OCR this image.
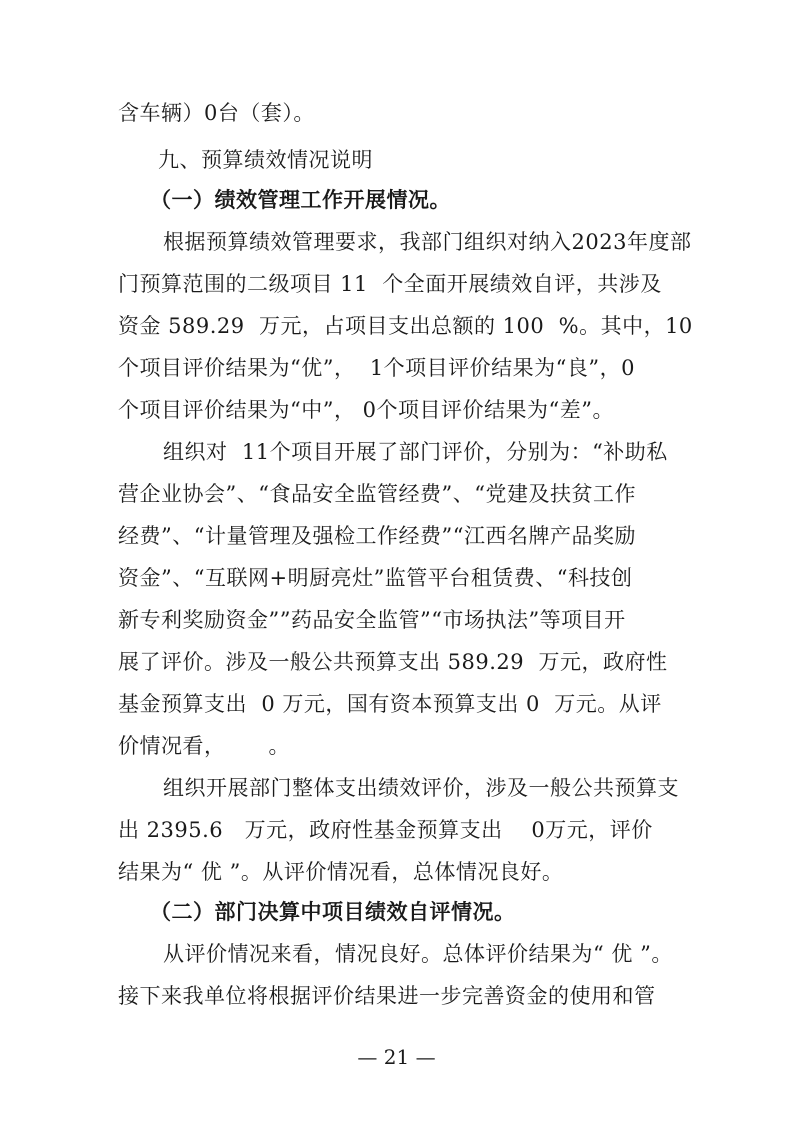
含车辆）0台（套）。

九、预算绩效情况说明

（一）绩效管理工作开展情况。

根据预算绩效管理要求，我部门组织对纳入2023年度部

门预算范围的二级项目 11  个全面开展绩效自评，共涉及

资金 589.29  万元，占项目支出总额的 100  %。其中，10

个项目评价结果为“优”，  1个项目评价结果为“良”，0

个项目评价结果为“中”， 0个项目评价结果为“差”。

组织对  11个项目开展了部门评价，分别为：“补助私

营企业协会”、“食品安全监管经费”、“党建及扶贫工作

经费”、“计量管理及强检工作经费”“江西名牌产品奖励

资金”、“互联网+明厨亮灶”监管平台租赁费、“科技创

新专利奖励资金””药品安全监管”“市场执法”等项目开

展了评价。涉及一般公共预算支出 589.29  万元，政府性

基金预算支出  0 万元，国有资本预算支出 0  万元。从评

价情况看，      。

组织开展部门整体支出绩效评价，涉及一般公共预算支

出 2395.6   万元，政府性基金预算支出    0万元，评价

结果为“ 优 ”。从评价情况看，总体情况良好。

（二）部门决算中项目绩效自评情况。

从评价情况来看，情况良好。总体评价结果为“ 优 ”。

接下来我单位将根据评价结果进一步完善资金的使用和管

— 21 —
